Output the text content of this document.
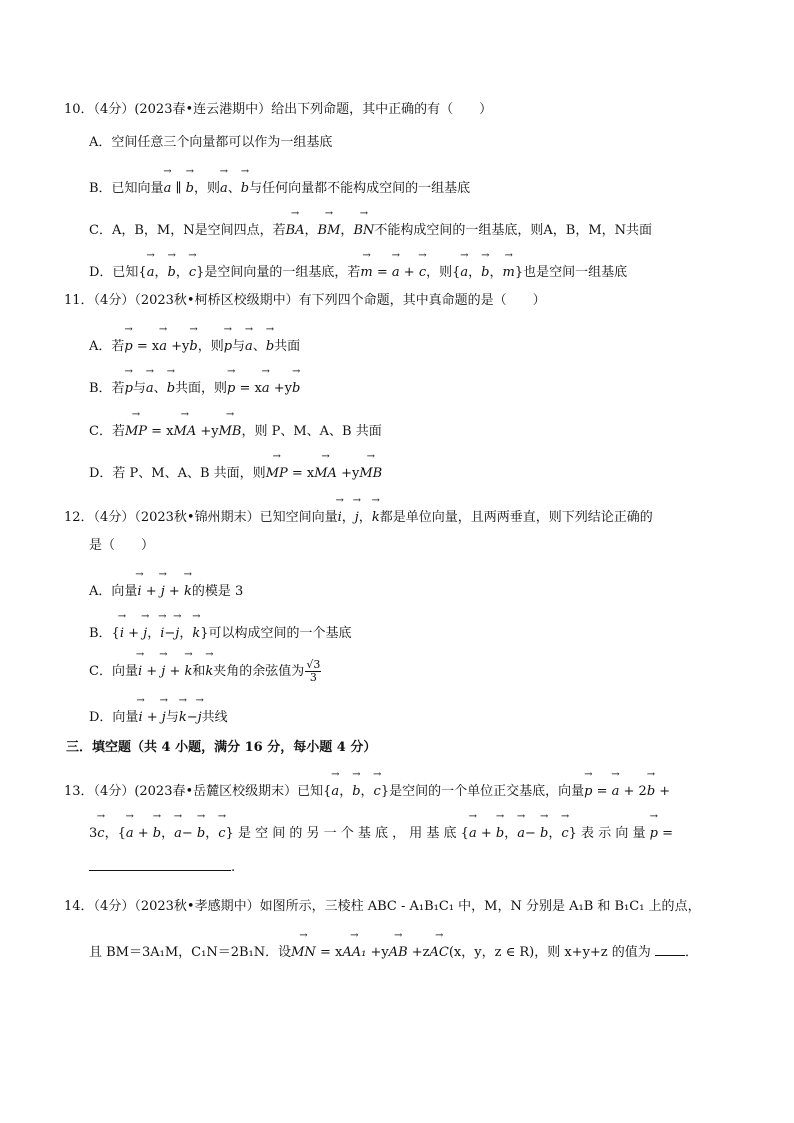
10．（4分）(2023春•连云港期中）给出下列命题，其中正确的有（　　）
A．空间任意三个向量都可以作为一组基底
B．已知向量→ a ∥ → b，则→ a、→ b与任何向量都不能构成空间的一组基底
C．A，B，M，N是空间四点，若→ BA，→ BM，→ BN不能构成空间的一组基底，则A，B，M，N共面
D．已知{→ a，→ b，→ c}是空间向量的一组基底，若→ m = → a + → c，则{→ a，→ b，→ m}也是空间一组基底
11．（4分）（2023秋•柯桥区校级期中）有下列四个命题，其中真命题的是（　　）
A．若→ p = x→ a +y→ b，则→ p与→ a、→ b共面
B．若→ p与→ a、→ b共面，则→ p = x→ a +y→ b
C．若→ MP = x→ MA +y→ MB，则 P、M、A、B 共面
D．若 P、M、A、B 共面，则→ MP = x→ MA +y→ MB
12．（4分）（2023秋•锦州期末）已知空间向量→ i，→ j，→ k都是单位向量，且两两垂直，则下列结论正确的
是（　　）
A．向量→ i + → j + → k的模是 3
B．{→ i + → j，→ i−→ j，→ k}可以构成空间的一个基底
C．向量→ i + → j + → k和→ k夹角的余弦值为 $\frac{√3}{3}$
D．向量→ i + → j与→ k−→ j共线
三．填空题（共 4 小题，满分 16 分，每小题 4 分）
13．（4分）(2023春•岳麓区校级期末）已知{→ a，→ b，→ c}是空间的一个单位正交基底，向量→ p = → a + 2→ b +
3→ c，{→ a + → b，→ a− → b，→ c} 是 空 间 的 另 一 个 基 底 ， 用 基 底 {→ a + → b，→ a− → b，→ c} 表 示 向 量 → p =
.
14．（4分）（2023秋•孝感期中）如图所示，三棱柱 ABC - A₁B₁C₁ 中，M，N 分别是 A₁B 和 B₁C₁ 上的点，
且 BM＝3A₁M，C₁N＝2B₁N．设→ MN = x→ AA₁ +y→ AB +z→ AC(x，y，z ∈ R)，则 x+y+z 的值为	．
